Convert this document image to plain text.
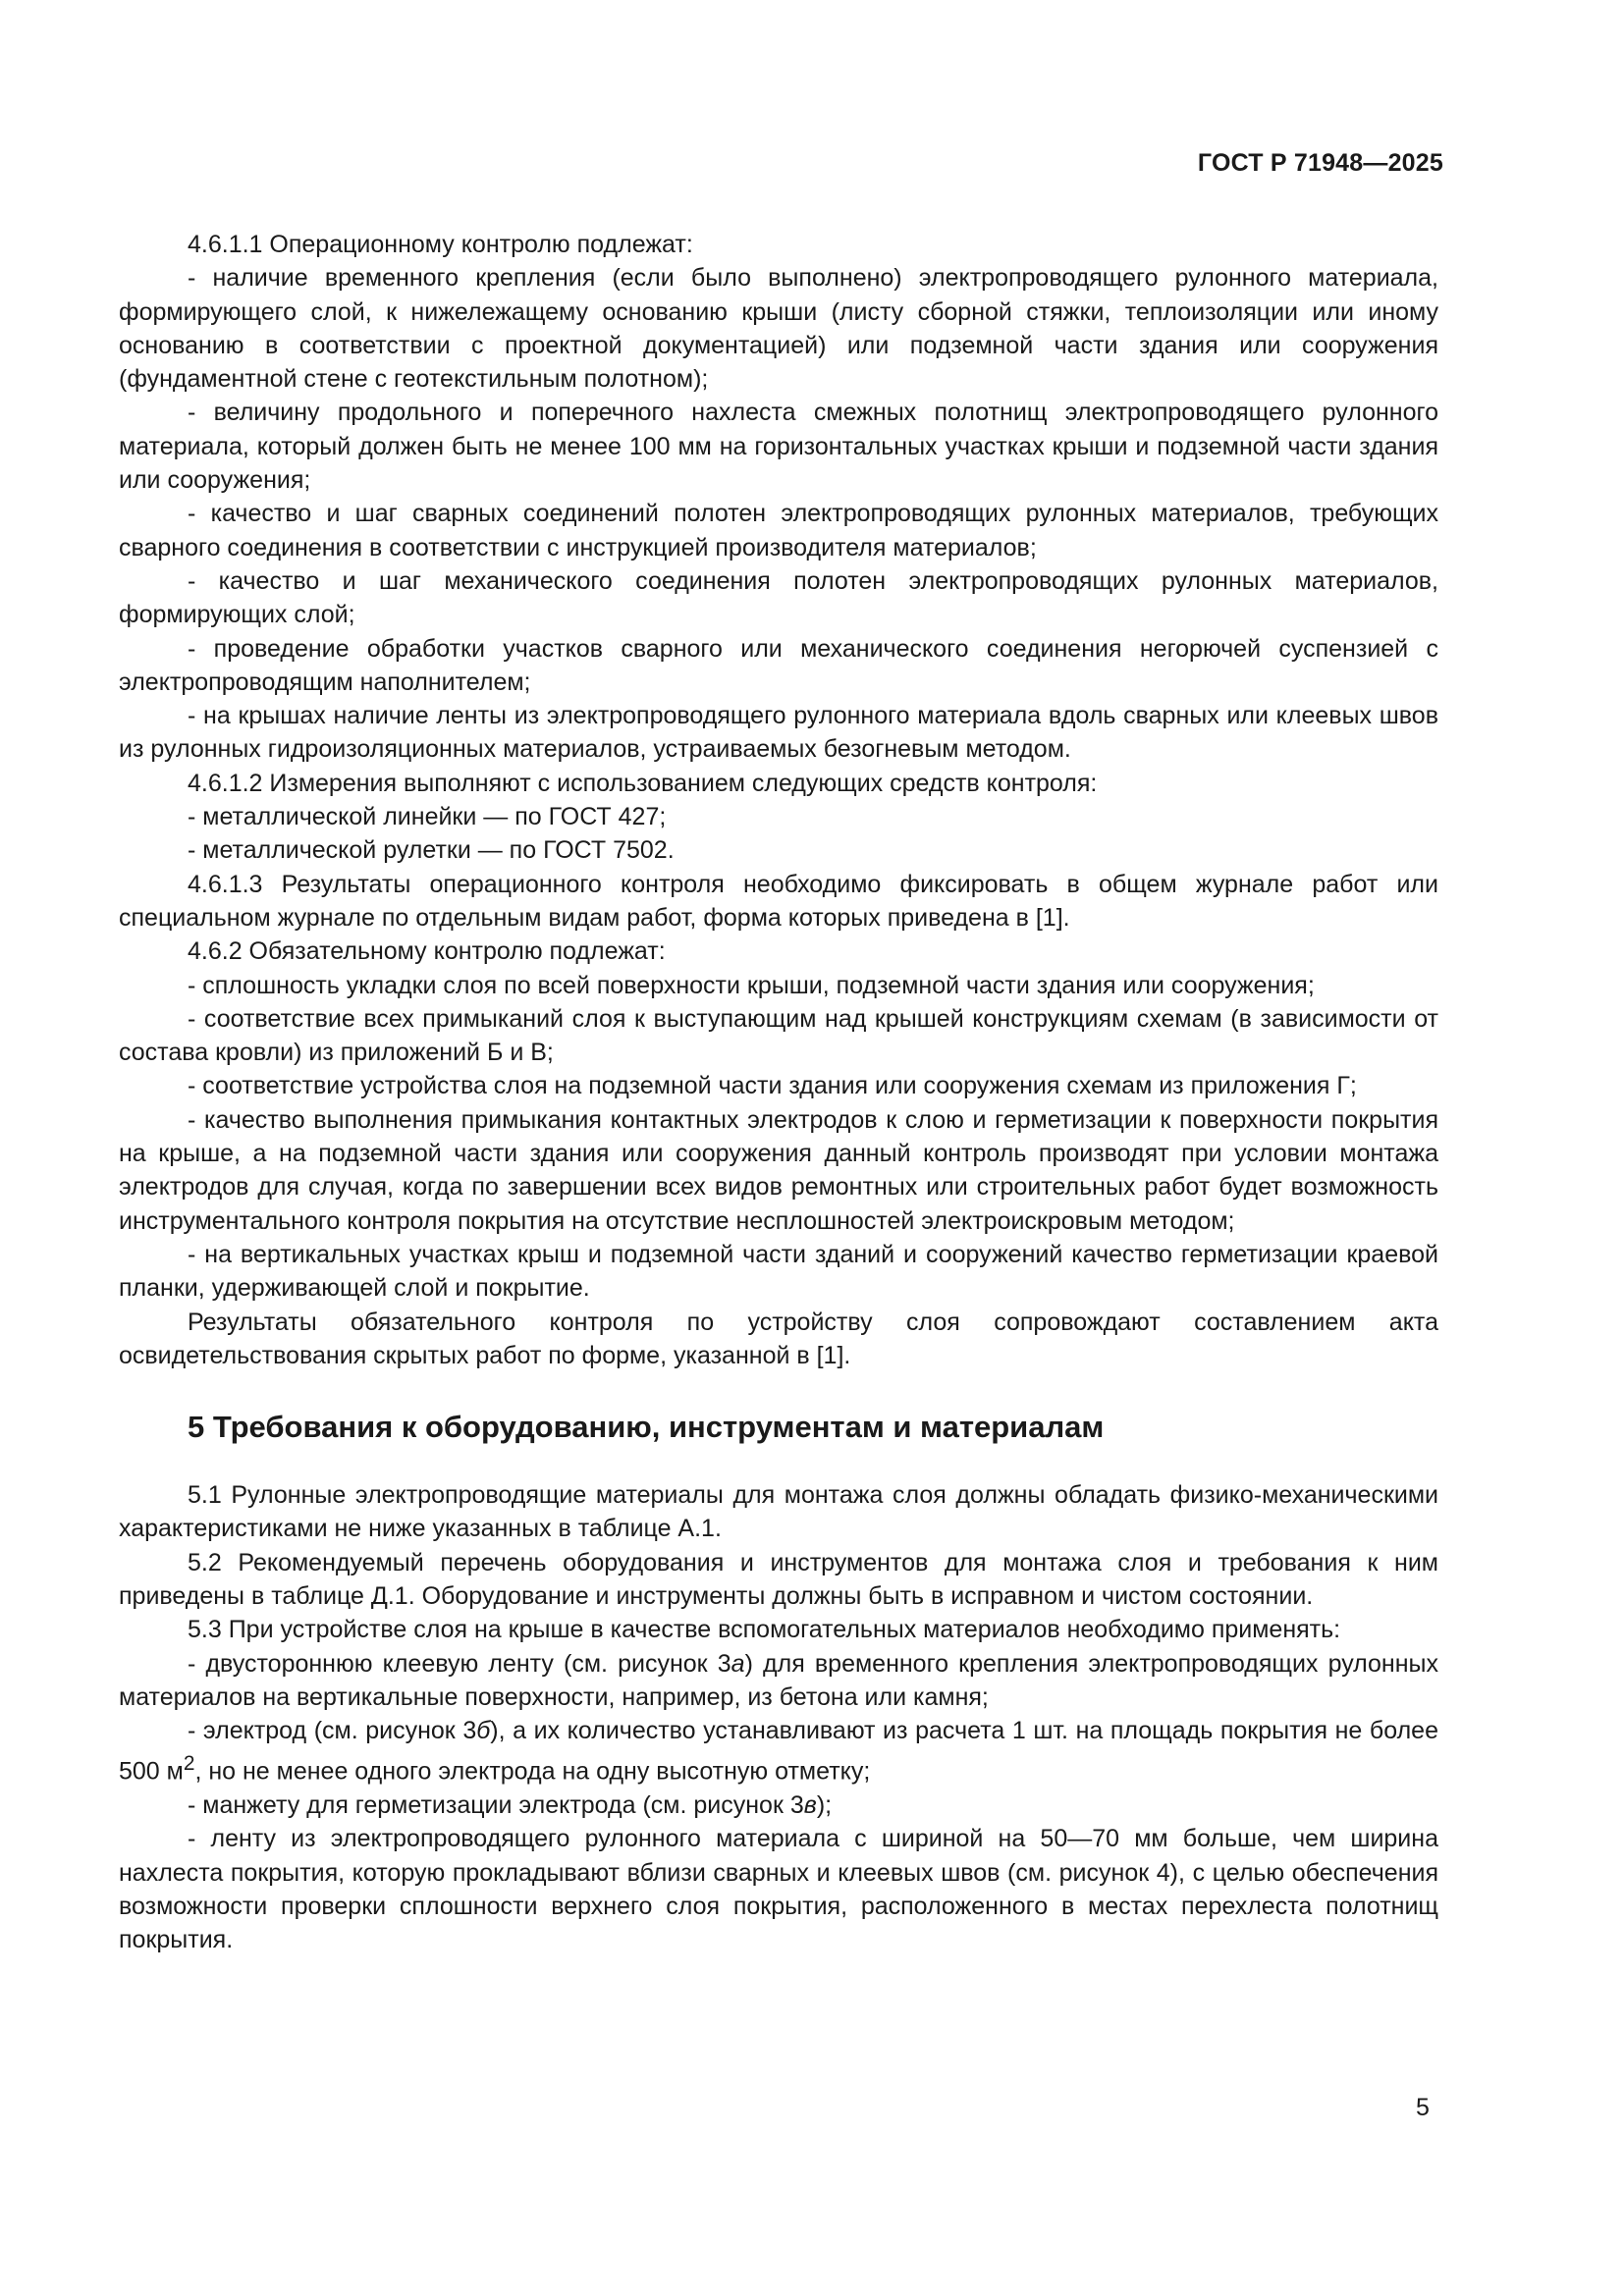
ГОСТ Р 71948—2025

4.6.1.1 Операционному контролю подлежат:

- наличие временного крепления (если было выполнено) электропроводящего рулонного материала, формирующего слой, к нижележащему основанию крыши (листу сборной стяжки, теплоизоляции или иному основанию в соответствии с проектной документацией) или подземной части здания или сооружения (фундаментной стене с геотекстильным полотном);

- величину продольного и поперечного нахлеста смежных полотнищ электропроводящего рулонного материала, который должен быть не менее 100 мм на горизонтальных участках крыши и подземной части здания или сооружения;

- качество и шаг сварных соединений полотен электропроводящих рулонных материалов, требующих сварного соединения в соответствии с инструкцией производителя материалов;

- качество и шаг механического соединения полотен электропроводящих рулонных материалов, формирующих слой;

- проведение обработки участков сварного или механического соединения негорючей суспензией с электропроводящим наполнителем;

- на крышах наличие ленты из электропроводящего рулонного материала вдоль сварных или клеевых швов из рулонных гидроизоляционных материалов, устраиваемых безогневым методом.

4.6.1.2 Измерения выполняют с использованием следующих средств контроля:

- металлической линейки — по ГОСТ 427;

- металлической рулетки — по ГОСТ 7502.

4.6.1.3 Результаты операционного контроля необходимо фиксировать в общем журнале работ или специальном журнале по отдельным видам работ, форма которых приведена в [1].

4.6.2 Обязательному контролю подлежат:

- сплошность укладки слоя по всей поверхности крыши, подземной части здания или сооружения;

- соответствие всех примыканий слоя к выступающим над крышей конструкциям схемам (в зависимости от состава кровли) из приложений Б и В;

- соответствие устройства слоя на подземной части здания или сооружения схемам из приложения Г;

- качество выполнения примыкания контактных электродов к слою и герметизации к поверхности покрытия на крыше, а на подземной части здания или сооружения данный контроль производят при условии монтажа электродов для случая, когда по завершении всех видов ремонтных или строительных работ будет возможность инструментального контроля покрытия на отсутствие несплошностей электроискровым методом;

- на вертикальных участках крыш и подземной части зданий и сооружений качество герметизации краевой планки, удерживающей слой и покрытие.

Результаты обязательного контроля по устройству слоя сопровождают составлением акта освидетельствования скрытых работ по форме, указанной в [1].

5 Требования к оборудованию, инструментам и материалам

5.1 Рулонные электропроводящие материалы для монтажа слоя должны обладать физико-механическими характеристиками не ниже указанных в таблице А.1.

5.2 Рекомендуемый перечень оборудования и инструментов для монтажа слоя и требования к ним приведены в таблице Д.1. Оборудование и инструменты должны быть в исправном и чистом состоянии.

5.3 При устройстве слоя на крыше в качестве вспомогательных материалов необходимо применять:

- двустороннюю клеевую ленту (см. рисунок 3а) для временного крепления электропроводящих рулонных материалов на вертикальные поверхности, например, из бетона или камня;

- электрод (см. рисунок 3б), а их количество устанавливают из расчета 1 шт. на площадь покрытия не более 500 $м^2$, но не менее одного электрода на одну высотную отметку;

- манжету для герметизации электрода (см. рисунок 3в);

- ленту из электропроводящего рулонного материала с шириной на 50—70 мм больше, чем ширина нахлеста покрытия, которую прокладывают вблизи сварных и клеевых швов (см. рисунок 4), с целью обеспечения возможности проверки сплошности верхнего слоя покрытия, расположенного в местах перехлеста полотнищ покрытия.

5
